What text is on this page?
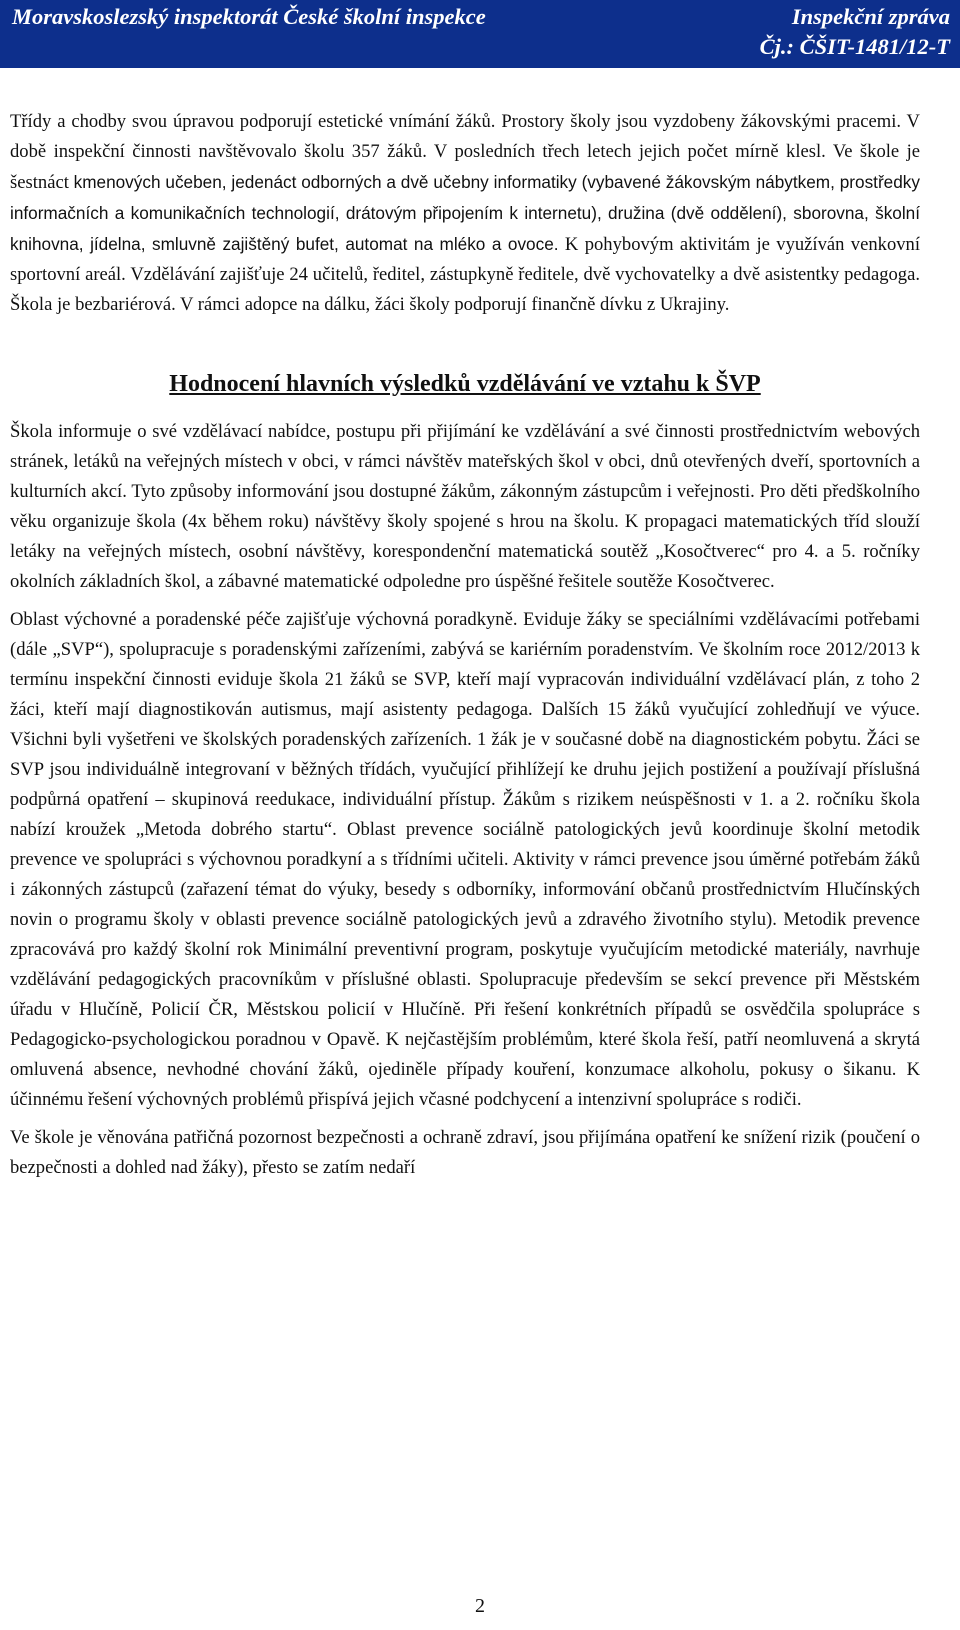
Moravskoslezský inspektorát České školní inspekce	Inspekční zpráva
Čj.: ČŠIT-1481/12-T

Třídy a chodby svou úpravou podporují estetické vnímání žáků. Prostory školy jsou vyzdobeny žákovskými pracemi. V době inspekční činnosti navštěvovalo školu 357 žáků. V posledních třech letech jejich počet mírně klesl. Ve škole je šestnáct kmenových učeben, jedenáct odborných a dvě učebny informatiky (vybavené žákovským nábytkem, prostředky informačních a komunikačních technologií, drátovým připojením k internetu), družina (dvě oddělení), sborovna, školní knihovna, jídelna, smluvně zajištěný bufet, automat na mléko a ovoce. K pohybovým aktivitám je využíván venkovní sportovní areál. Vzdělávání zajišťuje 24 učitelů, ředitel, zástupkyně ředitele, dvě vychovatelky a dvě asistentky pedagoga. Škola je bezbariérová. V rámci adopce na dálku, žáci školy podporují finančně dívku z Ukrajiny.

Hodnocení hlavních výsledků vzdělávání ve vztahu k ŠVP

Škola informuje o své vzdělávací nabídce, postupu při přijímání ke vzdělávání a své činnosti prostřednictvím webových stránek, letáků na veřejných místech v obci, v rámci návštěv mateřských škol v obci, dnů otevřených dveří, sportovních a kulturních akcí. Tyto způsoby informování jsou dostupné žákům, zákonným zástupcům i veřejnosti. Pro děti předškolního věku organizuje škola (4x během roku) návštěvy školy spojené s hrou na školu. K propagaci matematických tříd slouží letáky na veřejných místech, osobní návštěvy, korespondenční matematická soutěž „Kosočtverec“ pro 4. a 5. ročníky okolních základních škol, a zábavné matematické odpoledne pro úspěšné řešitele soutěže Kosočtverec.

Oblast výchovné a poradenské péče zajišťuje výchovná poradkyně. Eviduje žáky se speciálními vzdělávacími potřebami (dále „SVP“), spolupracuje s poradenskými zařízeními, zabývá se kariérním poradenstvím. Ve školním roce 2012/2013 k termínu inspekční činnosti eviduje škola 21 žáků se SVP, kteří mají vypracován individuální vzdělávací plán, z toho 2 žáci, kteří mají diagnostikován autismus, mají asistenty pedagoga. Dalších 15 žáků vyučující zohledňují ve výuce. Všichni byli vyšetřeni ve školských poradenských zařízeních. 1 žák je v současné době na diagnostickém pobytu. Žáci se SVP jsou individuálně integrovaní v běžných třídách, vyučující přihlížejí ke druhu jejich postižení a používají příslušná podpůrná opatření – skupinová reedukace, individuální přístup. Žákům s rizikem neúspěšnosti v 1. a 2. ročníku škola nabízí kroužek „Metoda dobrého startu“. Oblast prevence sociálně patologických jevů koordinuje školní metodik prevence ve spolupráci s výchovnou poradkyní a s třídními učiteli. Aktivity v rámci prevence jsou úměrné potřebám žáků i zákonných zástupců (zařazení témat do výuky, besedy s odborníky, informování občanů prostřednictvím Hlučínských novin o programu školy v oblasti prevence sociálně patologických jevů a zdravého životního stylu). Metodik prevence zpracovává pro každý školní rok Minimální preventivní program, poskytuje vyučujícím metodické materiály, navrhuje vzdělávání pedagogických pracovníkům v příslušné oblasti. Spolupracuje především se sekcí prevence při Městském úřadu v Hlučíně, Policií ČR, Městskou policií v Hlučíně. Při řešení konkrétních případů se osvědčila spolupráce s Pedagogicko-psychologickou poradnou v Opavě. K nejčastějším problémům, které škola řeší, patří neomluvená a skrytá omluvená absence, nevhodné chování žáků, ojediněle případy kouření, konzumace alkoholu, pokusy o šikanu. K účinnému řešení výchovných problémů přispívá jejich včasné podchycení a intenzivní spolupráce s rodiči.

Ve škole je věnována patřičná pozornost bezpečnosti a ochraně zdraví, jsou přijímána opatření ke snížení rizik (poučení o bezpečnosti a dohled nad žáky), přesto se zatím nedaří

2
